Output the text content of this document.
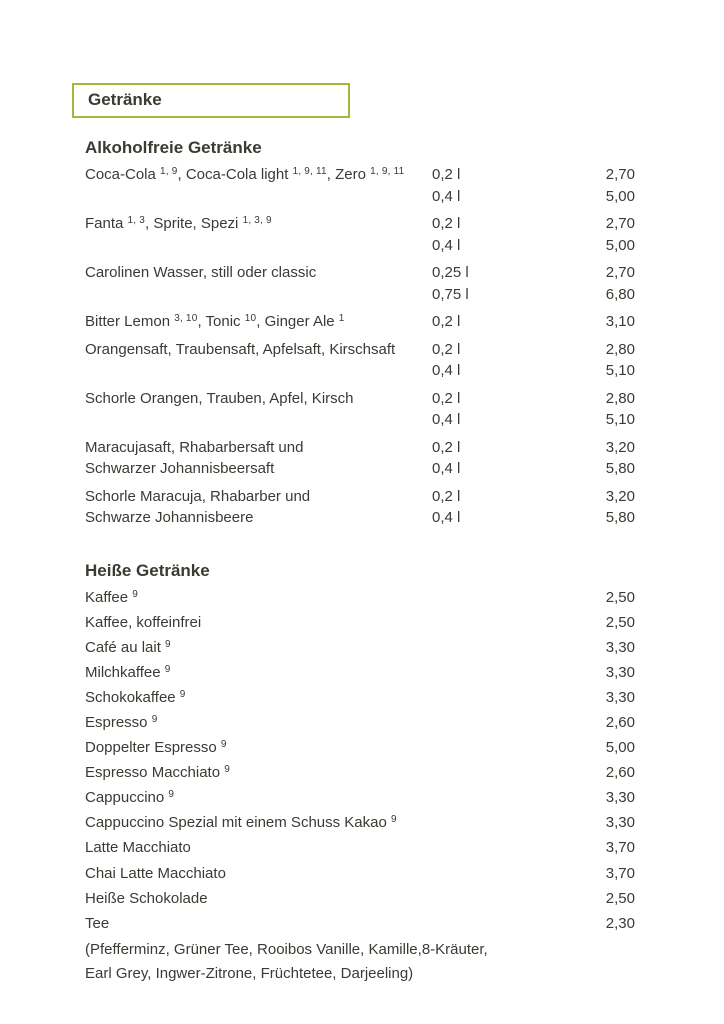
Getränke
Alkoholfreie Getränke
Coca-Cola $^{1, 9}$, Coca-Cola light $^{1, 9, 11}$, Zero $^{1, 9, 11}$	0,2 l	2,70
0,4 l	5,00
Fanta $^{1, 3}$, Sprite, Spezi $^{1, 3, 9}$	0,2 l	2,70
0,4 l	5,00
Carolinen Wasser, still oder classic	0,25 l	2,70
0,75 l	6,80
Bitter Lemon $^{3, 10}$, Tonic $^{10}$, Ginger Ale $^1$	0,2 l	3,10
Orangensaft, Traubensaft, Apfelsaft, Kirschsaft	0,2 l	2,80
0,4 l	5,10
Schorle Orangen, Trauben, Apfel, Kirsch	0,2 l	2,80
0,4 l	5,10
Maracujasaft, Rhabarbersaft und	0,2 l	3,20
Schwarzer Johannisbeersaft	0,4 l	5,80
Schorle Maracuja, Rhabarber und	0,2 l	3,20
Schwarze Johannisbeere	0,4 l	5,80
Heiße Getränke
Kaffee $^9$	2,50
Kaffee, koffeinfrei	2,50
Café au lait $^9$	3,30
Milchkaffee $^9$	3,30
Schokokaffee $^9$	3,30
Espresso $^9$	2,60
Doppelter Espresso $^9$	5,00
Espresso Macchiato $^9$	2,60
Cappuccino $^9$	3,30
Cappuccino Spezial mit einem Schuss Kakao $^9$	3,30
Latte Macchiato	3,70
Chai Latte Macchiato	3,70
Heiße Schokolade	2,50
Tee	2,30
(Pfefferminz, Grüner Tee, Rooibos Vanille, Kamille,8-Kräuter,
Earl Grey, Ingwer-Zitrone, Früchtetee, Darjeeling)
